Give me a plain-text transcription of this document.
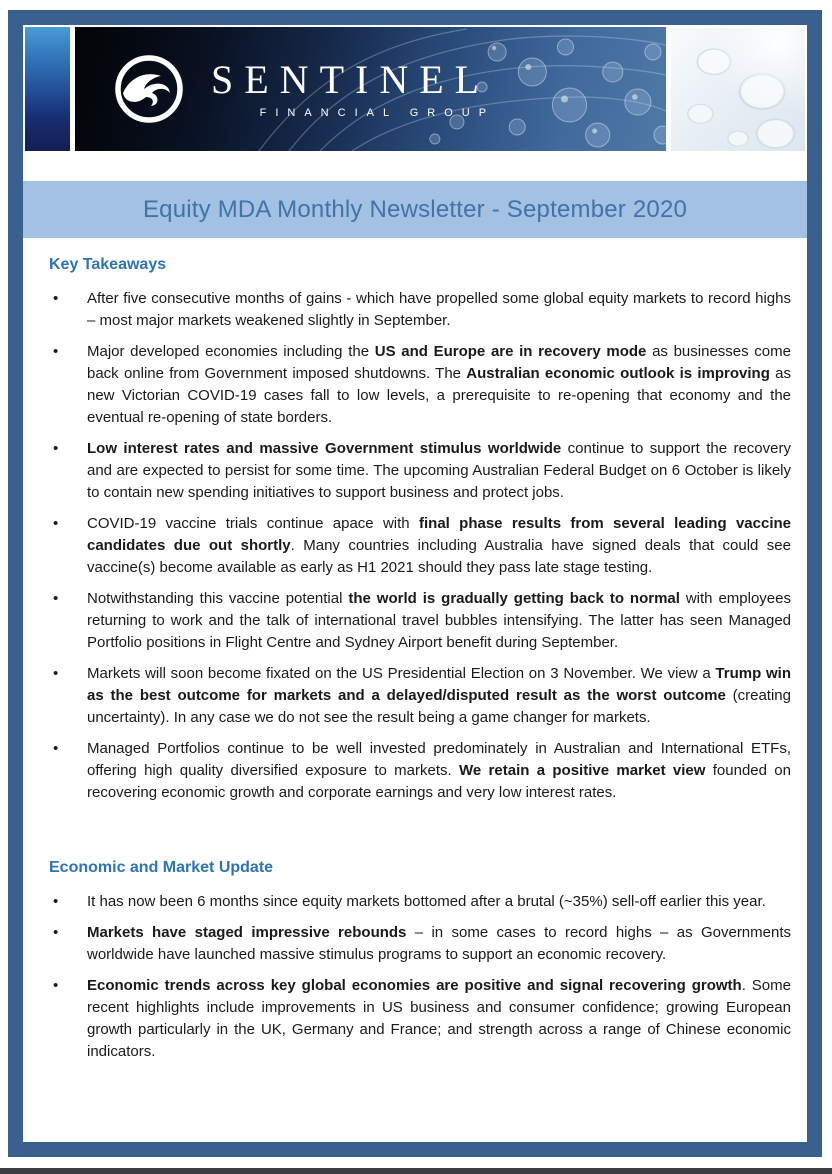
SENTINEL
FINANCIAL GROUP
Equity MDA Monthly Newsletter - September 2020
Key Takeaways
• After five consecutive months of gains - which have propelled some global equity markets to record highs – most major markets weakened slightly in September.
• Major developed economies including the US and Europe are in recovery mode as businesses come back online from Government imposed shutdowns. The Australian economic outlook is improving as new Victorian COVID-19 cases fall to low levels, a prerequisite to re-opening that economy and the eventual re-opening of state borders.
• Low interest rates and massive Government stimulus worldwide continue to support the recovery and are expected to persist for some time. The upcoming Australian Federal Budget on 6 October is likely to contain new spending initiatives to support business and protect jobs.
• COVID-19 vaccine trials continue apace with final phase results from several leading vaccine candidates due out shortly. Many countries including Australia have signed deals that could see vaccine(s) become available as early as H1 2021 should they pass late stage testing.
• Notwithstanding this vaccine potential the world is gradually getting back to normal with employees returning to work and the talk of international travel bubbles intensifying. The latter has seen Managed Portfolio positions in Flight Centre and Sydney Airport benefit during September.
• Markets will soon become fixated on the US Presidential Election on 3 November. We view a Trump win as the best outcome for markets and a delayed/disputed result as the worst outcome (creating uncertainty). In any case we do not see the result being a game changer for markets.
• Managed Portfolios continue to be well invested predominately in Australian and International ETFs, offering high quality diversified exposure to markets. We retain a positive market view founded on recovering economic growth and corporate earnings and very low interest rates.
Economic and Market Update
• It has now been 6 months since equity markets bottomed after a brutal (~35%) sell-off earlier this year.
• Markets have staged impressive rebounds – in some cases to record highs – as Governments worldwide have launched massive stimulus programs to support an economic recovery.
• Economic trends across key global economies are positive and signal recovering growth. Some recent highlights include improvements in US business and consumer confidence; growing European growth particularly in the UK, Germany and France; and strength across a range of Chinese economic indicators.
